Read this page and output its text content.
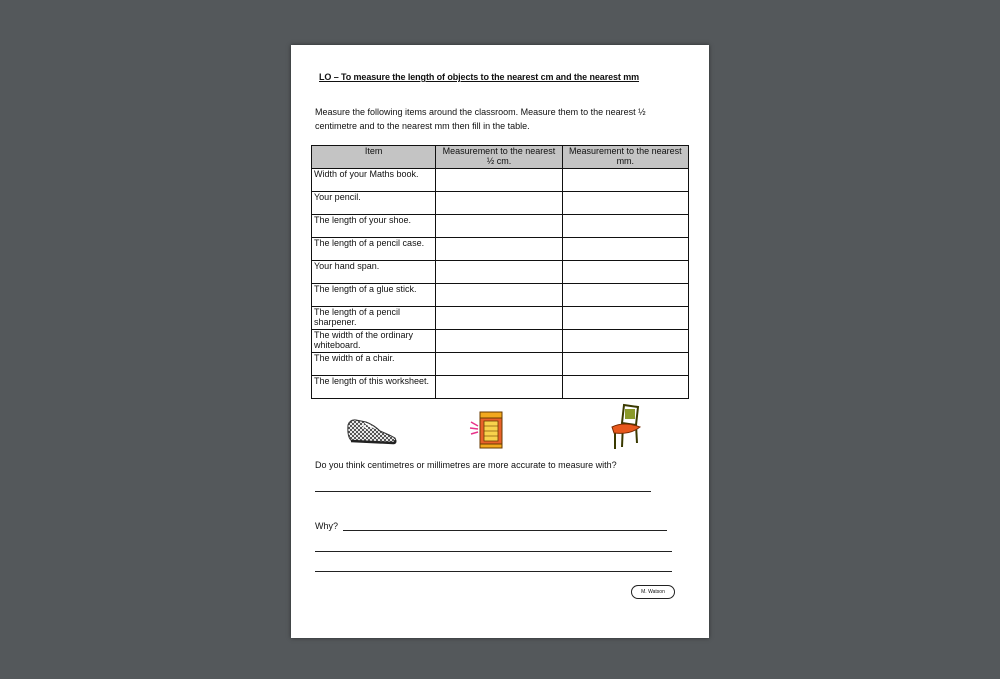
LO – To measure the length of objects to the nearest cm and the nearest mm
Measure the following items around the classroom. Measure them to the nearest ½ centimetre and to the nearest mm then fill in the table.
Item	Measurement to the nearest ½ cm.	Measurement to the nearest mm.
Width of your Maths book.		
Your pencil.		
The length of your shoe.		
The length of a pencil case.		
Your hand span.		
The length of a glue stick.		
The length of a pencil sharpener.		
The width of the ordinary whiteboard.		
The width of a chair.		
The length of this worksheet.		
Do you think centimetres or millimetres are more accurate to measure with?
Why?
M. Watson
